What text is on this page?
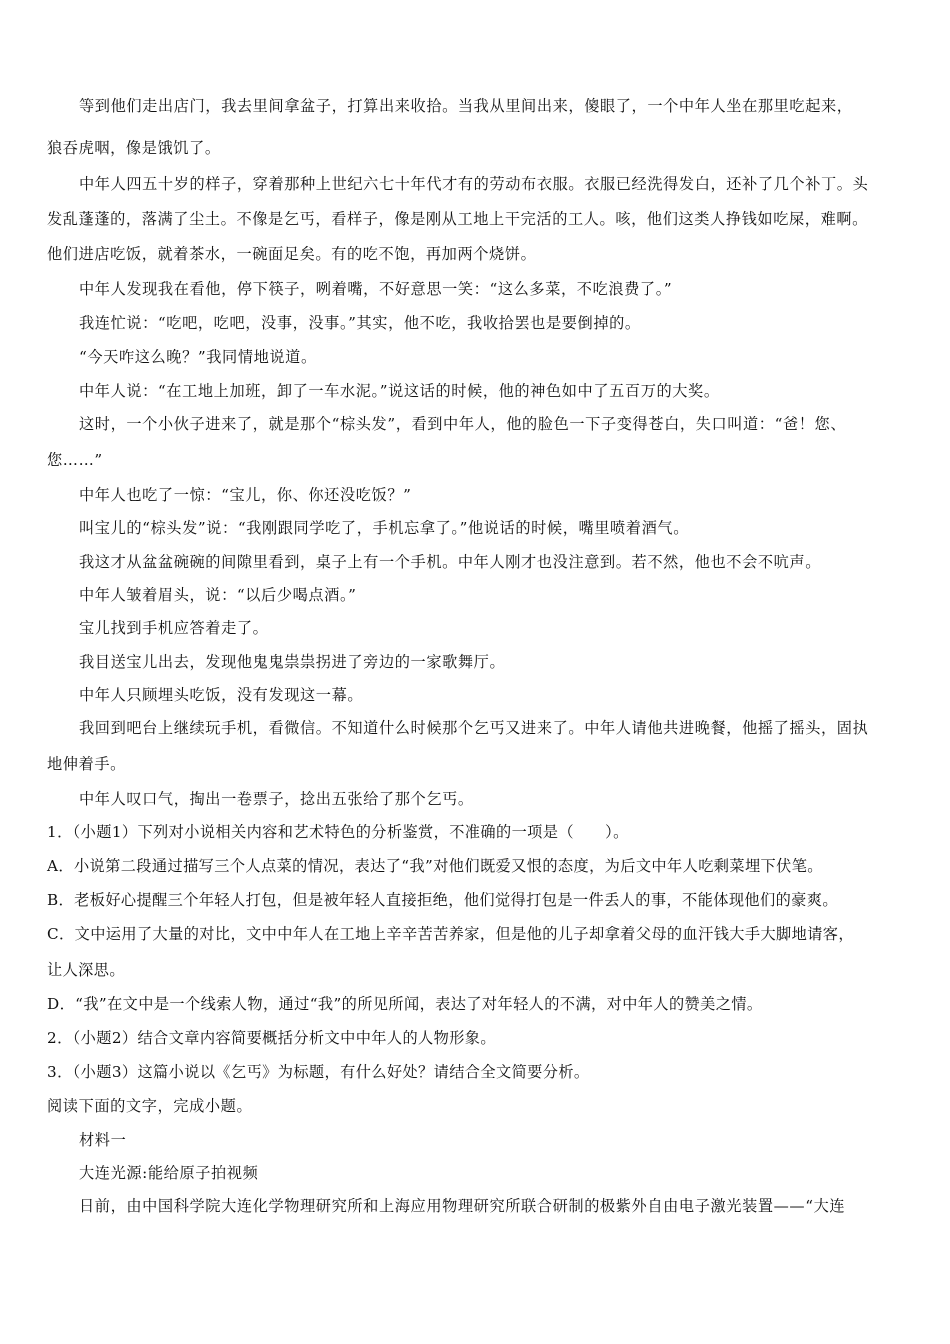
等到他们走出店门，我去里间拿盆子，打算出来收拾。当我从里间出来，傻眼了，一个中年人坐在那里吃起来，
狼吞虎咽，像是饿饥了。
中年人四五十岁的样子，穿着那种上世纪六七十年代才有的劳动布衣服。衣服已经洗得发白，还补了几个补丁。头
发乱蓬蓬的，落满了尘土。不像是乞丐，看样子，像是刚从工地上干完活的工人。咳，他们这类人挣钱如吃屎，难啊。
他们进店吃饭，就着茶水，一碗面足矣。有的吃不饱，再加两个烧饼。
中年人发现我在看他，停下筷子，咧着嘴，不好意思一笑：“这么多菜，不吃浪费了。”
我连忙说：“吃吧，吃吧，没事，没事。”其实，他不吃，我收拾罢也是要倒掉的。
“今天咋这么晚？”我同情地说道。
中年人说：“在工地上加班，卸了一车水泥。”说这话的时候，他的神色如中了五百万的大奖。
这时，一个小伙子进来了，就是那个“棕头发”，看到中年人，他的脸色一下子变得苍白，失口叫道：“爸！您、
您……”
中年人也吃了一惊：“宝儿，你、你还没吃饭？”
叫宝儿的“棕头发”说：“我刚跟同学吃了，手机忘拿了。”他说话的时候，嘴里喷着酒气。
我这才从盆盆碗碗的间隙里看到，桌子上有一个手机。中年人刚才也没注意到。若不然，他也不会不吭声。
中年人皱着眉头，说：“以后少喝点酒。”
宝儿找到手机应答着走了。
我目送宝儿出去，发现他鬼鬼祟祟拐进了旁边的一家歌舞厅。
中年人只顾埋头吃饭，没有发现这一幕。
我回到吧台上继续玩手机，看微信。不知道什么时候那个乞丐又进来了。中年人请他共进晚餐，他摇了摇头，固执
地伸着手。
中年人叹口气，掏出一卷票子，捻出五张给了那个乞丐。
1．（小题1）下列对小说相关内容和艺术特色的分析鉴赏，不准确的一项是（　　）。
A．小说第二段通过描写三个人点菜的情况，表达了“我”对他们既爱又恨的态度，为后文中年人吃剩菜埋下伏笔。
B．老板好心提醒三个年轻人打包，但是被年轻人直接拒绝，他们觉得打包是一件丢人的事，不能体现他们的豪爽。
C．文中运用了大量的对比，文中中年人在工地上辛辛苦苦养家，但是他的儿子却拿着父母的血汗钱大手大脚地请客，
让人深思。
D．“我”在文中是一个线索人物，通过“我”的所见所闻，表达了对年轻人的不满，对中年人的赞美之情。
2．（小题2）结合文章内容简要概括分析文中中年人的人物形象。
3．（小题3）这篇小说以《乞丐》为标题，有什么好处？请结合全文简要分析。
阅读下面的文字，完成小题。
材料一
大连光源:能给原子拍视频
日前，由中国科学院大连化学物理研究所和上海应用物理研究所联合研制的极紫外自由电子激光装置——“大连
